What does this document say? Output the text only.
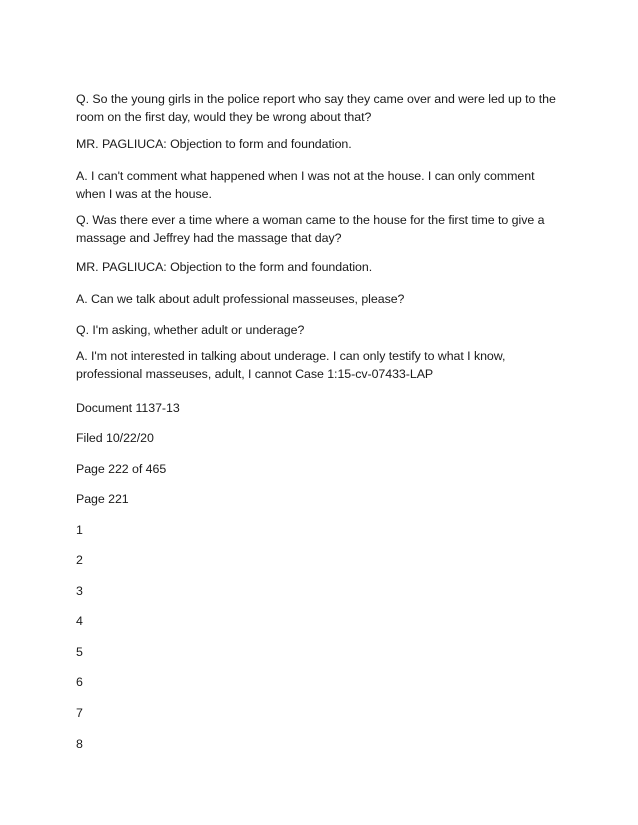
Q. So the young girls in the police report who say they came over and were led up to the room on the first day, would they be wrong about that?
MR. PAGLIUCA: Objection to form and foundation.
A. I can't comment what happened when I was not at the house. I can only comment when I was at the house.
Q. Was there ever a time where a woman came to the house for the first time to give a massage and Jeffrey had the massage that day?
MR. PAGLIUCA: Objection to the form and foundation.
A. Can we talk about adult professional masseuses, please?
Q. I'm asking, whether adult or underage?
A. I'm not interested in talking about underage. I can only testify to what I know, professional masseuses, adult, I cannot Case 1:15-cv-07433-LAP
Document 1137-13
Filed 10/22/20
Page 222 of 465
Page 221
1
2
3
4
5
6
7
8
